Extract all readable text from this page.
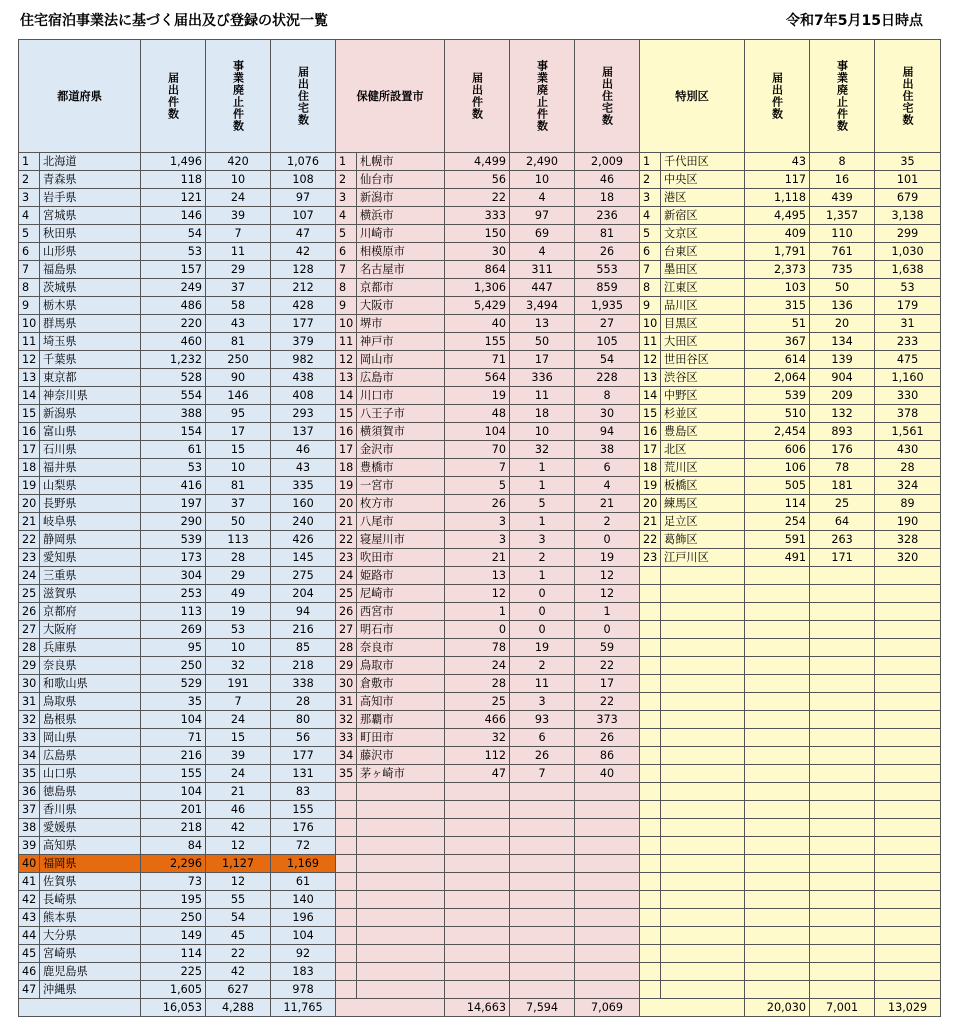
住宅宿泊事業法に基づく届出及び登録の状況一覧	令和7年5月15日時点
都道府県		届出件数	事業廃止件数	届出住宅数	保健所設置市		届出件数	事業廃止件数	届出住宅数	特別区		届出件数	事業廃止件数	届出住宅数

1	北海道	1,496	420	1,076	1	札幌市	4,499	2,490	2,009	1	千代田区	43	8	35
2	青森県	118	10	108	2	仙台市	56	10	46	2	中央区	117	16	101
3	岩手県	121	24	97	3	新潟市	22	4	18	3	港区	1,118	439	679
4	宮城県	146	39	107	4	横浜市	333	97	236	4	新宿区	4,495	1,357	3,138
5	秋田県	54	7	47	5	川崎市	150	69	81	5	文京区	409	110	299
6	山形県	53	11	42	6	相模原市	30	4	26	6	台東区	1,791	761	1,030
7	福島県	157	29	128	7	名古屋市	864	311	553	7	墨田区	2,373	735	1,638
8	茨城県	249	37	212	8	京都市	1,306	447	859	8	江東区	103	50	53
9	栃木県	486	58	428	9	大阪市	5,429	3,494	1,935	9	品川区	315	136	179
10	群馬県	220	43	177	10	堺市	40	13	27	10	目黒区	51	20	31
11	埼玉県	460	81	379	11	神戸市	155	50	105	11	大田区	367	134	233
12	千葉県	1,232	250	982	12	岡山市	71	17	54	12	世田谷区	614	139	475
13	東京都	528	90	438	13	広島市	564	336	228	13	渋谷区	2,064	904	1,160
14	神奈川県	554	146	408	14	川口市	19	11	8	14	中野区	539	209	330
15	新潟県	388	95	293	15	八王子市	48	18	30	15	杉並区	510	132	378
16	富山県	154	17	137	16	横須賀市	104	10	94	16	豊島区	2,454	893	1,561
17	石川県	61	15	46	17	金沢市	70	32	38	17	北区	606	176	430
18	福井県	53	10	43	18	豊橋市	7	1	6	18	荒川区	106	78	28
19	山梨県	416	81	335	19	一宮市	5	1	4	19	板橋区	505	181	324
20	長野県	197	37	160	20	枚方市	26	5	21	20	練馬区	114	25	89
21	岐阜県	290	50	240	21	八尾市	3	1	2	21	足立区	254	64	190
22	静岡県	539	113	426	22	寝屋川市	3	3	0	22	葛飾区	591	263	328
23	愛知県	173	28	145	23	吹田市	21	2	19	23	江戸川区	491	171	320
24	三重県	304	29	275	24	姫路市	13	1	12					
25	滋賀県	253	49	204	25	尼崎市	12	0	12					
26	京都府	113	19	94	26	西宮市	1	0	1					
27	大阪府	269	53	216	27	明石市	0	0	0					
28	兵庫県	95	10	85	28	奈良市	78	19	59					
29	奈良県	250	32	218	29	鳥取市	24	2	22					
30	和歌山県	529	191	338	30	倉敷市	28	11	17					
31	鳥取県	35	7	28	31	高知市	25	3	22					
32	島根県	104	24	80	32	那覇市	466	93	373					
33	岡山県	71	15	56	33	町田市	32	6	26					
34	広島県	216	39	177	34	藤沢市	112	26	86					
35	山口県	155	24	131	35	茅ヶ崎市	47	7	40					
36	徳島県	104	21	83										
37	香川県	201	46	155										
38	愛媛県	218	42	176										
39	高知県	84	12	72										
40	福岡県	2,296	1,127	1,169										
41	佐賀県	73	12	61										
42	長崎県	195	55	140										
43	熊本県	250	54	196										
44	大分県	149	45	104										
45	宮崎県	114	22	92										
46	鹿児島県	225	42	183										
47	沖縄県	1,605	627	978										
		16,053	4,288	11,765			14,663	7,594	7,069			20,030	7,001	13,029
